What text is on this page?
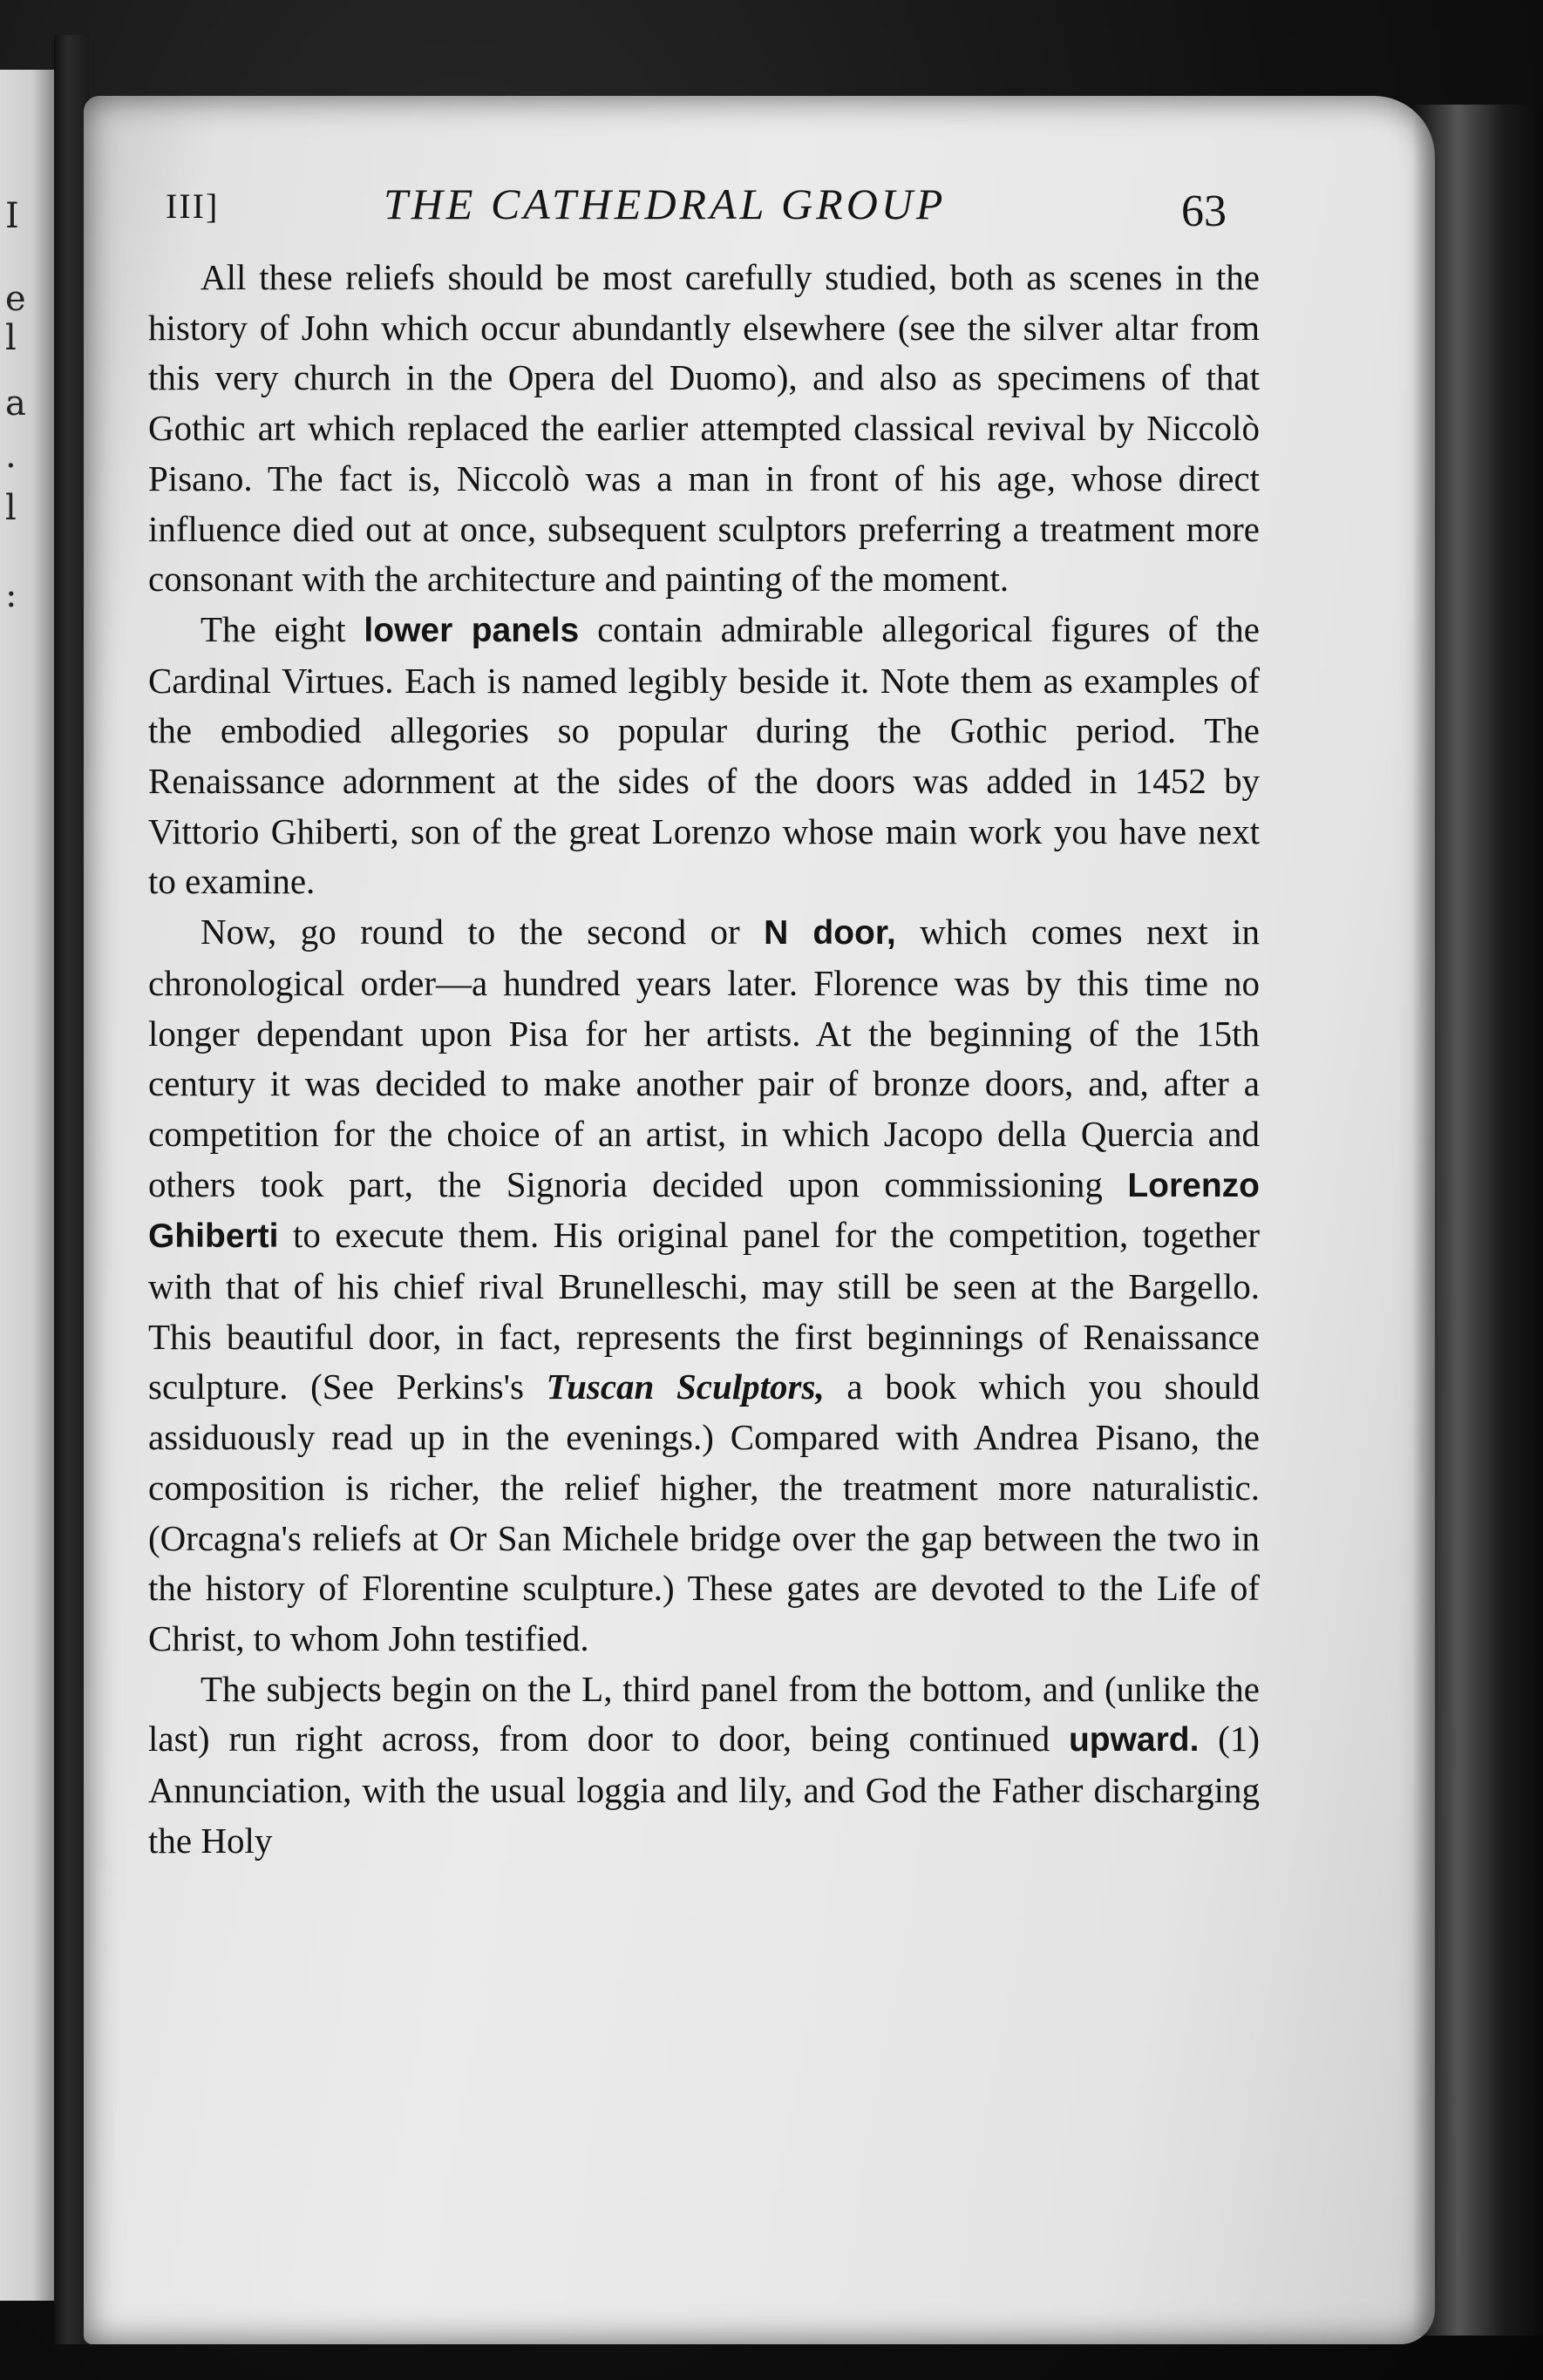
I
e
l
a
.
l
:
III]	THE CATHEDRAL GROUP	63

All these reliefs should be most carefully studied, both as scenes in the history of John which occur abundantly elsewhere (see the silver altar from this very church in the Opera del Duomo), and also as specimens of that Gothic art which replaced the earlier attempted classical revival by Niccolò Pisano. The fact is, Niccolò was a man in front of his age, whose direct influence died out at once, subsequent sculptors preferring a treatment more consonant with the architecture and painting of the moment.

The eight lower panels contain admirable allegorical figures of the Cardinal Virtues. Each is named legibly beside it. Note them as examples of the embodied allegories so popular during the Gothic period. The Renaissance adornment at the sides of the doors was added in 1452 by Vittorio Ghiberti, son of the great Lorenzo whose main work you have next to examine.

Now, go round to the second or N door, which comes next in chronological order—a hundred years later. Florence was by this time no longer dependant upon Pisa for her artists. At the beginning of the 15th century it was decided to make another pair of bronze doors, and, after a competition for the choice of an artist, in which Jacopo della Quercia and others took part, the Signoria decided upon commissioning Lorenzo Ghiberti to execute them. His original panel for the competition, together with that of his chief rival Brunelleschi, may still be seen at the Bargello. This beautiful door, in fact, represents the first beginnings of Renaissance sculpture. (See Perkins's Tuscan Sculptors, a book which you should assiduously read up in the evenings.) Compared with Andrea Pisano, the composition is richer, the relief higher, the treatment more naturalistic. (Orcagna's reliefs at Or San Michele bridge over the gap between the two in the history of Florentine sculpture.) These gates are devoted to the Life of Christ, to whom John testified.

The subjects begin on the L, third panel from the bottom, and (unlike the last) run right across, from door to door, being continued upward. (1) Annunciation, with the usual loggia and lily, and God the Father discharging the Holy
